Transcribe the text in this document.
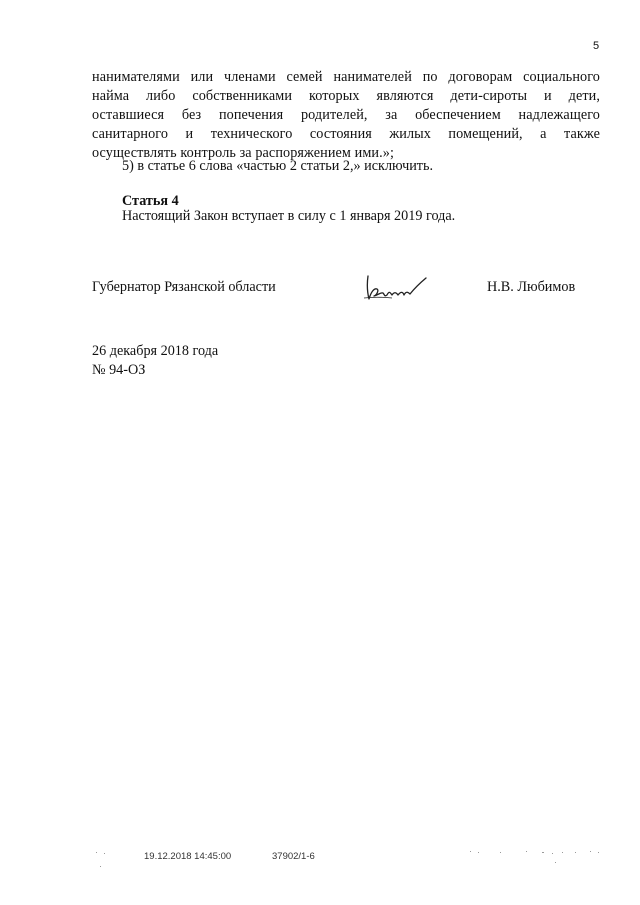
5
нанимателями или членами семей нанимателей по договорам социального
найма либо собственниками которых являются дети-сироты и дети,
оставшиеся без попечения родителей, за обеспечением надлежащего
санитарного и технического состояния жилых помещений, а также
осуществлять контроль за распоряжением ими.»;
5) в статье 6 слова «частью 2 статьи 2,» исключить.
Статья 4
Настоящий Закон вступает в силу с 1 января 2019 года.
Губернатор Рязанской области	Н.В. Любимов
26 декабря 2018 года
№ 94-ОЗ
19.12.2018 14:45:00	37902/1-6
